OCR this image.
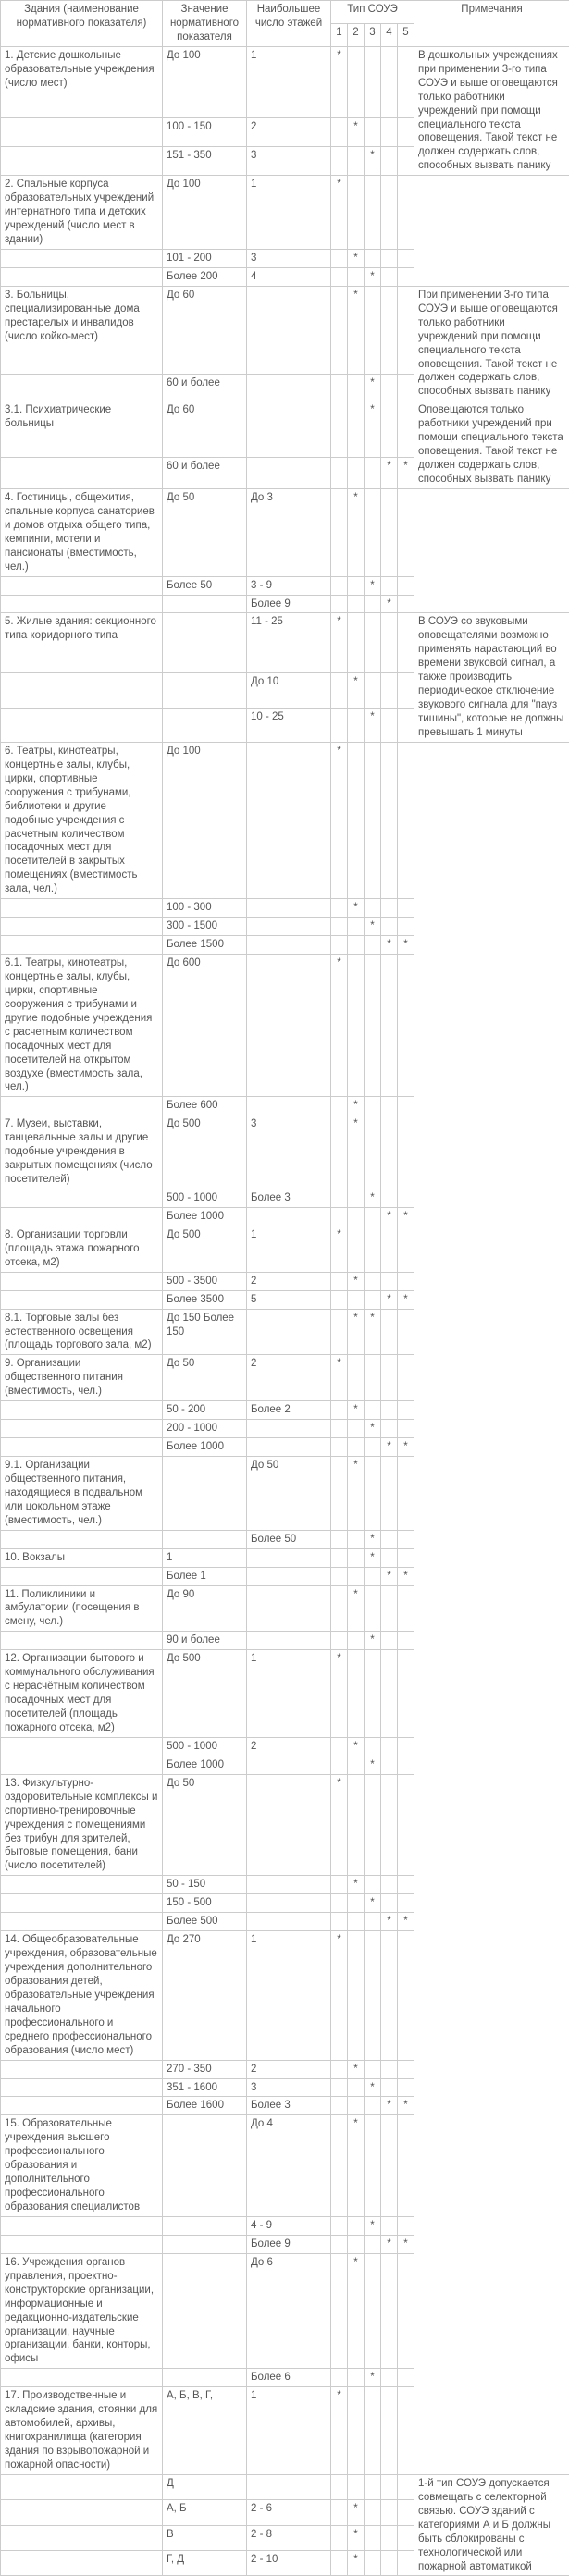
Здания (наименование нормативного показателя)	Значение нормативного показателя	Наибольшее число этажей	Тип СОУЭ					Примечания
			1	2	3	4	5	
1. Детские дошкольные образовательные учреждения (число мест)	До 100	1	*					В дошкольных учреждениях при применении 3-го типа СОУЭ и выше оповещаются только работники учреждений при помощи специального текста оповещения. Такой текст не должен содержать слов, способных вызвать панику
	100 - 150	2		*				
	151 - 350	3			*			
2. Спальные корпуса образовательных учреждений интернатного типа и детских учреждений (число мест в здании)	До 100	1	*					
	101 - 200	3		*				
	Более 200	4			*			
3. Больницы, специализированные дома престарелых и инвалидов (число койко-мест)	До 60			*				При применении 3-го типа СОУЭ и выше оповещаются только работники учреждений при помощи специального текста оповещения. Такой текст не должен содержать слов, способных вызвать панику
	60 и более				*			
3.1. Психиатрические больницы	До 60				*			Оповещаются только работники учреждений при помощи специального текста оповещения. Такой текст не должен содержать слов, способных вызвать панику
	60 и более					*	*	
4. Гостиницы, общежития, спальные корпуса санаториев и домов отдыха общего типа, кемпинги, мотели и пансионаты (вместимость, чел.)	До 50	До 3		*				
	Более 50	3 - 9			*			
		Более 9				*		
5. Жилые здания: секционного типа коридорного типа		11 - 25	*					В СОУЭ со звуковыми оповещателями возможно применять нарастающий во времени звуковой сигнал, а также производить периодическое отключение звукового сигнала для "пауз тишины", которые не должны превышать 1 минуты
		До 10		*				
		10 - 25			*			
6. Театры, кинотеатры, концертные залы, клубы, цирки, спортивные сооружения с трибунами, библиотеки и другие подобные учреждения с расчетным количеством посадочных мест для посетителей в закрытых помещениях (вместимость зала, чел.)	До 100		*					
	100 - 300			*				
	300 - 1500				*			
	Более 1500					*	*	
6.1. Театры, кинотеатры, концертные залы, клубы, цирки, спортивные сооружения с трибунами и другие подобные учреждения с расчетным количеством посадочных мест для посетителей на открытом воздухе (вместимость зала, чел.)	До 600		*					
	Более 600			*				
7. Музеи, выставки, танцевальные залы и другие подобные учреждения в закрытых помещениях (число посетителей)	До 500	3		*				
	500 - 1000	Более 3			*			
	Более 1000					*	*	
8. Организации торговли (площадь этажа пожарного отсека, м2)	До 500	1	*					
	500 - 3500	2		*				
	Более 3500	5				*	*	
8.1. Торговые залы без естественного освещения (площадь торгового зала, м2)	До 150 Более 150			*	*			
9. Организации общественного питания (вместимость, чел.)	До 50	2	*					
	50 - 200	Более 2		*				
	200 - 1000				*			
	Более 1000					*	*	
9.1. Организации общественного питания, находящиеся в подвальном или цокольном этаже (вместимость, чел.)		До 50		*				
		Более 50			*			
10. Вокзалы	1				*			
	Более 1					*	*	
11. Поликлиники и амбулатории (посещения в смену, чел.)	До 90			*				
	90 и более				*			
12. Организации бытового и коммунального обслуживания с нерасчётным количеством посадочных мест для посетителей (площадь пожарного отсека, м2)	До 500	1	*					
	500 - 1000	2		*				
	Более 1000				*			
13. Физкультурно-оздоровительные комплексы и спортивно-тренировочные учреждения с помещениями без трибун для зрителей, бытовые помещения, бани (число посетителей)	До 50		*					
	50 - 150			*				
	150 - 500				*			
	Более 500					*	*	
14. Общеобразовательные учреждения, образовательные учреждения дополнительного образования детей, образовательные учреждения начального профессионального и среднего профессионального образования (число мест)	До 270	1	*					
	270 - 350	2		*				
	351 - 1600	3			*			
	Более 1600	Более 3				*	*	
15. Образовательные учреждения высшего профессионального образования и дополнительного профессионального образования специалистов		До 4		*				
		4 - 9			*			
		Более 9				*	*	
16. Учреждения органов управления, проектно-конструкторские организации, информационные и редакционно-издательские организации, научные организации, банки, конторы, офисы		До 6		*				
		Более 6			*			
17. Производственные и складские здания, стоянки для автомобилей, архивы, книгохранилища (категория здания по взрывопожарной и пожарной опасности)	А, Б, В, Г,	1	*					
	Д							1-й тип СОУЭ допускается совмещать с селекторной связью. СОУЭ зданий с категориями А и Б должны быть сблокированы с технологической или пожарной автоматикой
	А, Б	2 - 6		*				
	В	2 - 8		*				
	Г, Д	2 - 10		*				
